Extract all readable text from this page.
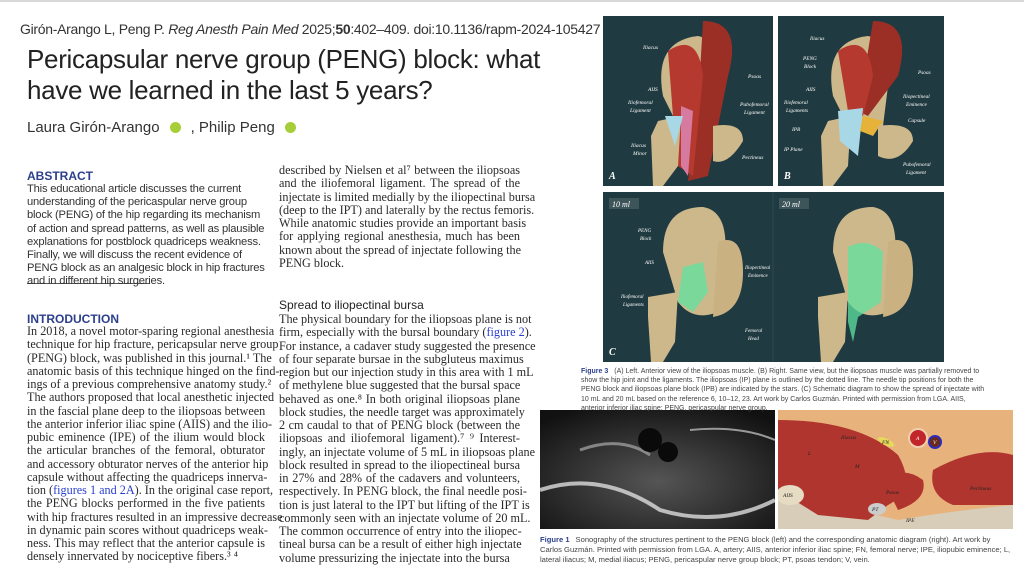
Girón-Arango L, Peng P. Reg Anesth Pain Med 2025;50:402–409. doi:10.1136/rapm-2024-105427
Pericapsular nerve group (PENG) block: what have we learned in the last 5 years?
Laura Girón-Arango , Philip Peng
ABSTRACT

This educational article discusses the current understanding of the pericaspular nerve group block (PENG) of the hip regarding its mechanism of action and spread patterns, as well as plausible explanations for postblock quadriceps weakness. Finally, we will discuss the recent evidence of PENG block as an analgesic block in hip fractures and in different hip surgeries.

INTRODUCTION
In 2018, a novel motor-sparing regional anesthesia
technique for hip fracture, pericapsular nerve group
(PENG) block, was published in this journal.¹ The
anatomic basis of this technique hinged on the find-
ings of a previous comprehensive anatomy study.²
The authors proposed that local anesthetic injected
in the fascial plane deep to the iliopsoas between
the anterior inferior iliac spine (AIIS) and the ilio-
pubic eminence (IPE) of the ilium would block
the articular branches of the femoral, obturator
and accessory obturator nerves of the anterior hip
capsule without affecting the quadriceps innerva-
tion (figures 1 and 2A). In the original case report,
the PENG blocks performed in the five patients
with hip fractures resulted in an impressive decrease
in dynamic pain scores without quadriceps weak-
ness. This may reflect that the anterior capsule is
densely innervated by nociceptive fibers.³ ⁴
described by Nielsen et al⁷ between the iliopsoas
and the iliofemoral ligament. The spread of the
injectate is limited medially by the iliopectinal bursa
(deep to the IPT) and laterally by the rectus femoris.
While anatomic studies provide an important basis
for applying regional anesthesia, much has been
known about the spread of injectate following the
PENG block.
Spread to iliopectinal bursa
The physical boundary for the iliopsoas plane is not
firm, especially with the bursal boundary (figure 2).
For instance, a cadaver study suggested the presence
of four separate bursae in the subgluteus maximus
region but our injection study in this area with 1 mL
of methylene blue suggested that the bursal space
behaved as one.⁸ In both original iliopsoas plane
block studies, the needle target was approximately
2 cm caudal to that of PENG block (between the
iliopsoas and iliofemoral ligament).⁷ ⁹ Interest-
ingly, an injectate volume of 5 mL in iliopsoas plane
block resulted in spread to the iliopectineal bursa
in 27% and 28% of the cadavers and volunteers,
respectively. In PENG block, the final needle posi-
tion is just lateral to the IPT but lifting of the IPT is
commonly seen with an injectate volume of 20 mL.
The common occurrence of entry into the iliopec-
tineal bursa can be a result of either high injectate
volume pressurizing the injectate into the bursa
Iliacus
AIIS
Iliofemoral
Ligament
Iliacus
Minor
Psoas
Pubofemoral
Ligament
Pectineus
A
Iliacus
PENG
Block
AIIS
Iliofemoral
Ligaments
IPB
IP Plane
Psoas
Iliopectineal
Eminence
Capsule
Pubofemoral
Ligament
B
10 ml	20 ml
PENG
Block
AIIS
Iliofemoral
Ligaments
Iliopectineal
Eminence
Femoral
Head
C
Figure 3 (A) Left. Anterior view of the iliopsoas muscle. (B) Right. Same view, but the iliopsoas muscle was partially removed to show the hip joint and the ligaments. The iliopsoas (IP) plane is outlined by the dotted line. The needle tip positions for both the PENG block and iliopsoas plane block (IPB) are indicated by the stars. (C) Schematic diagram to show the spread of injectate with 10 mL and 20 mL based on the reference 6, 10–12, 23. Art work by Carlos Guzmán. Printed with permission from LGA. AIIS, anterior inferior iliac spine; PENG, pericaspular nerve group.
Iliacus
L
M
AIIS
PT
Psoas
IPE
FN
A
V
Pectineus
Figure 1 Sonography of the structures pertinent to the PENG block (left) and the corresponding anatomic diagram (right). Art work by Carlos Guzmán. Printed with permission from LGA. A, artery; AIIS, anterior inferior iliac spine; FN, femoral nerve; IPE, iliopubic eminence; L, lateral iliacus; M, medial iliacus; PENG, pericaspular nerve group block; PT, psoas tendon; V, vein.
